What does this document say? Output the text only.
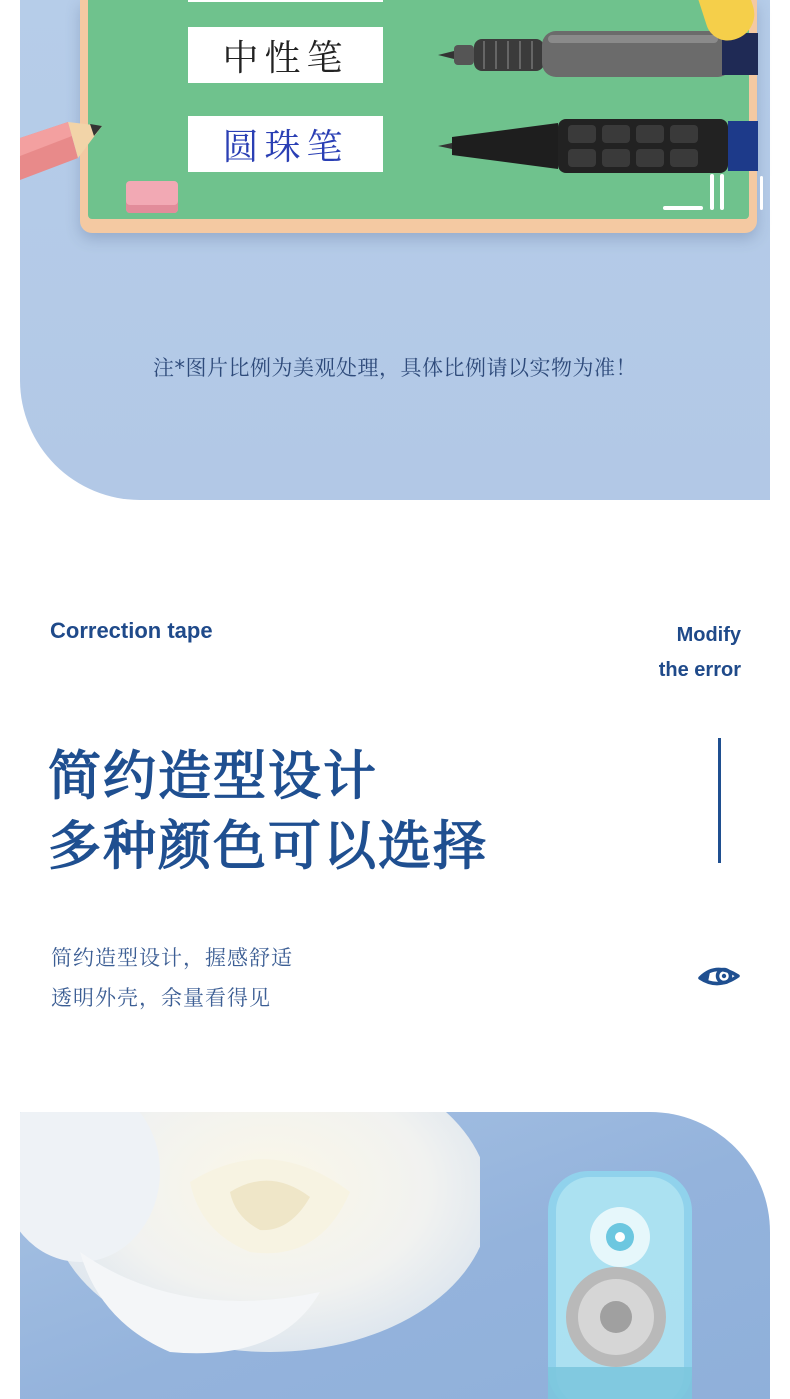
中性笔
圆珠笔
注*图片比例为美观处理，具体比例请以实物为准！
Correction tape	Modify
the error
简约造型设计
多种颜色可以选择
简约造型设计，握感舒适
透明外壳，余量看得见
